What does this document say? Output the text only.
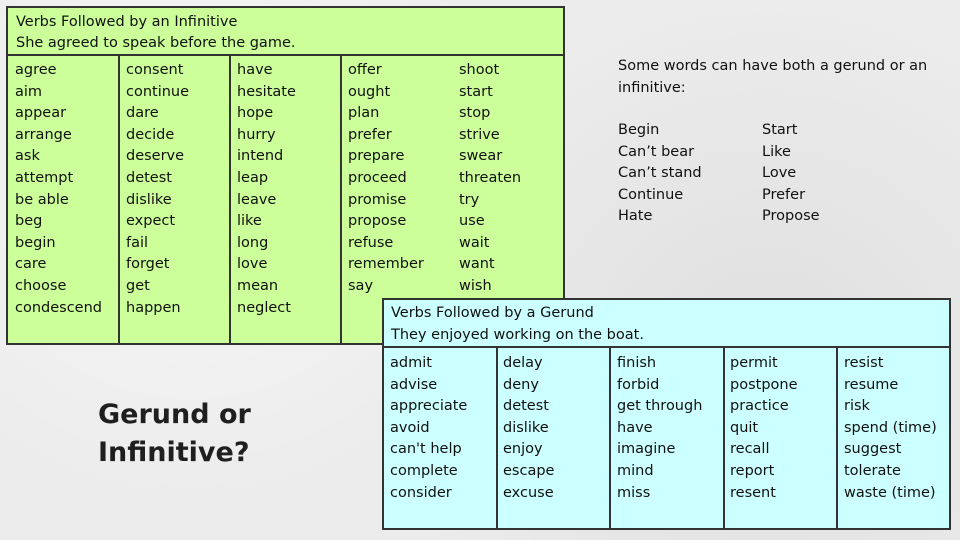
Verbs Followed by an Infinitive
She agreed to speak before the game.
agree
aim
appear
arrange
ask
attempt
be able
beg
begin
care
choose
condescend
consent
continue
dare
decide
deserve
detest
dislike
expect
fail
forget
get
happen
have
hesitate
hope
hurry
intend
leap
leave
like
long
love
mean
neglect
offer
ought
plan
prefer
prepare
proceed
promise
propose
refuse
remember
say
shoot
start
stop
strive
swear
threaten
try
use
wait
want
wish
Some words can have both a gerund or an infinitive:
Begin
Can’t bear
Can’t stand
Continue
Hate
Start
Like
Love
Prefer
Propose
Gerund or Infinitive?
Verbs Followed by a Gerund
They enjoyed working on the boat.
admit
advise
appreciate
avoid
can't help
complete
consider
delay
deny
detest
dislike
enjoy
escape
excuse
finish
forbid
get through
have
imagine
mind
miss
permit
postpone
practice
quit
recall
report
resent
resist
resume
risk
spend (time)
suggest
tolerate
waste (time)
